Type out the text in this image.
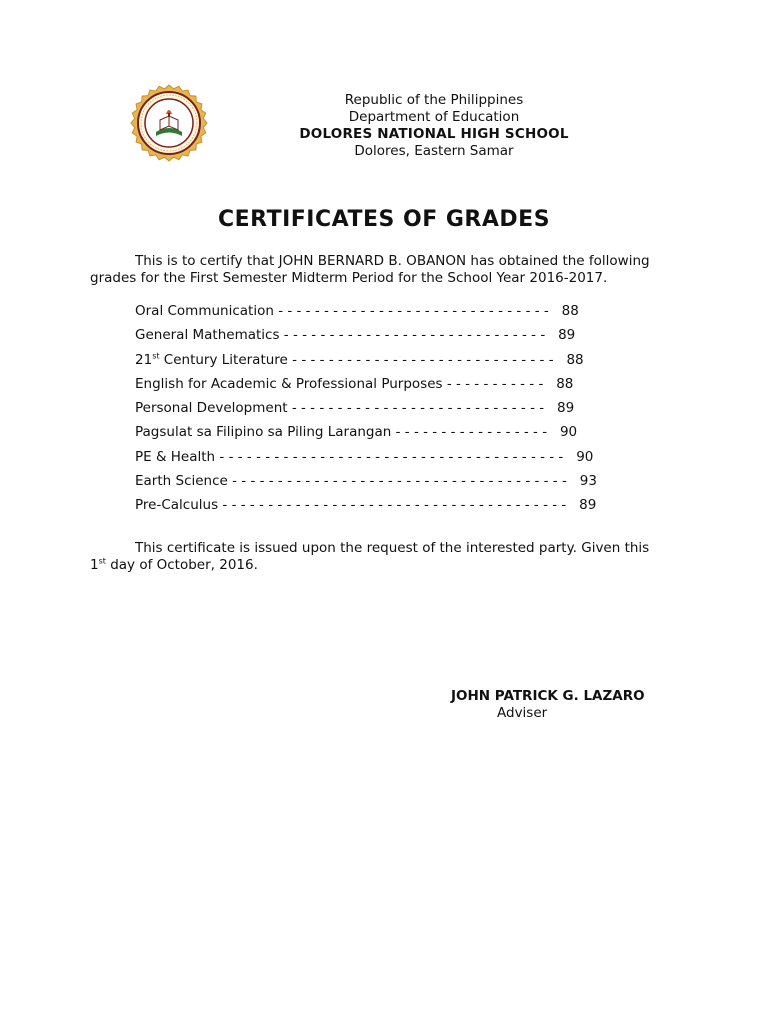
Republic of the Philippines
Department of Education
DOLORES NATIONAL HIGH SCHOOL
Dolores, Eastern Samar
CERTIFICATES OF GRADES
This is to certify that JOHN BERNARD B. OBANON has obtained the following
grades for the First Semester Midterm Period for the School Year 2016-2017.
Oral Communication - - - - - - - - - - - - - - - - - - - - - - - - - - - - - - 88
General Mathematics - - - - - - - - - - - - - - - - - - - - - - - - - - - - - 89
21st Century Literature - - - - - - - - - - - - - - - - - - - - - - - - - - - - - 88
English for Academic & Professional Purposes - - - - - - - - - - - 88
Personal Development - - - - - - - - - - - - - - - - - - - - - - - - - - - - 89
Pagsulat sa Filipino sa Piling Larangan - - - - - - - - - - - - - - - - - 90
PE & Health - - - - - - - - - - - - - - - - - - - - - - - - - - - - - - - - - - - - - - 90
Earth Science - - - - - - - - - - - - - - - - - - - - - - - - - - - - - - - - - - - - - 93
Pre-Calculus - - - - - - - - - - - - - - - - - - - - - - - - - - - - - - - - - - - - - - 89
This certificate is issued upon the request of the interested party. Given this
1st day of October, 2016.
JOHN PATRICK G. LAZARO
Adviser
